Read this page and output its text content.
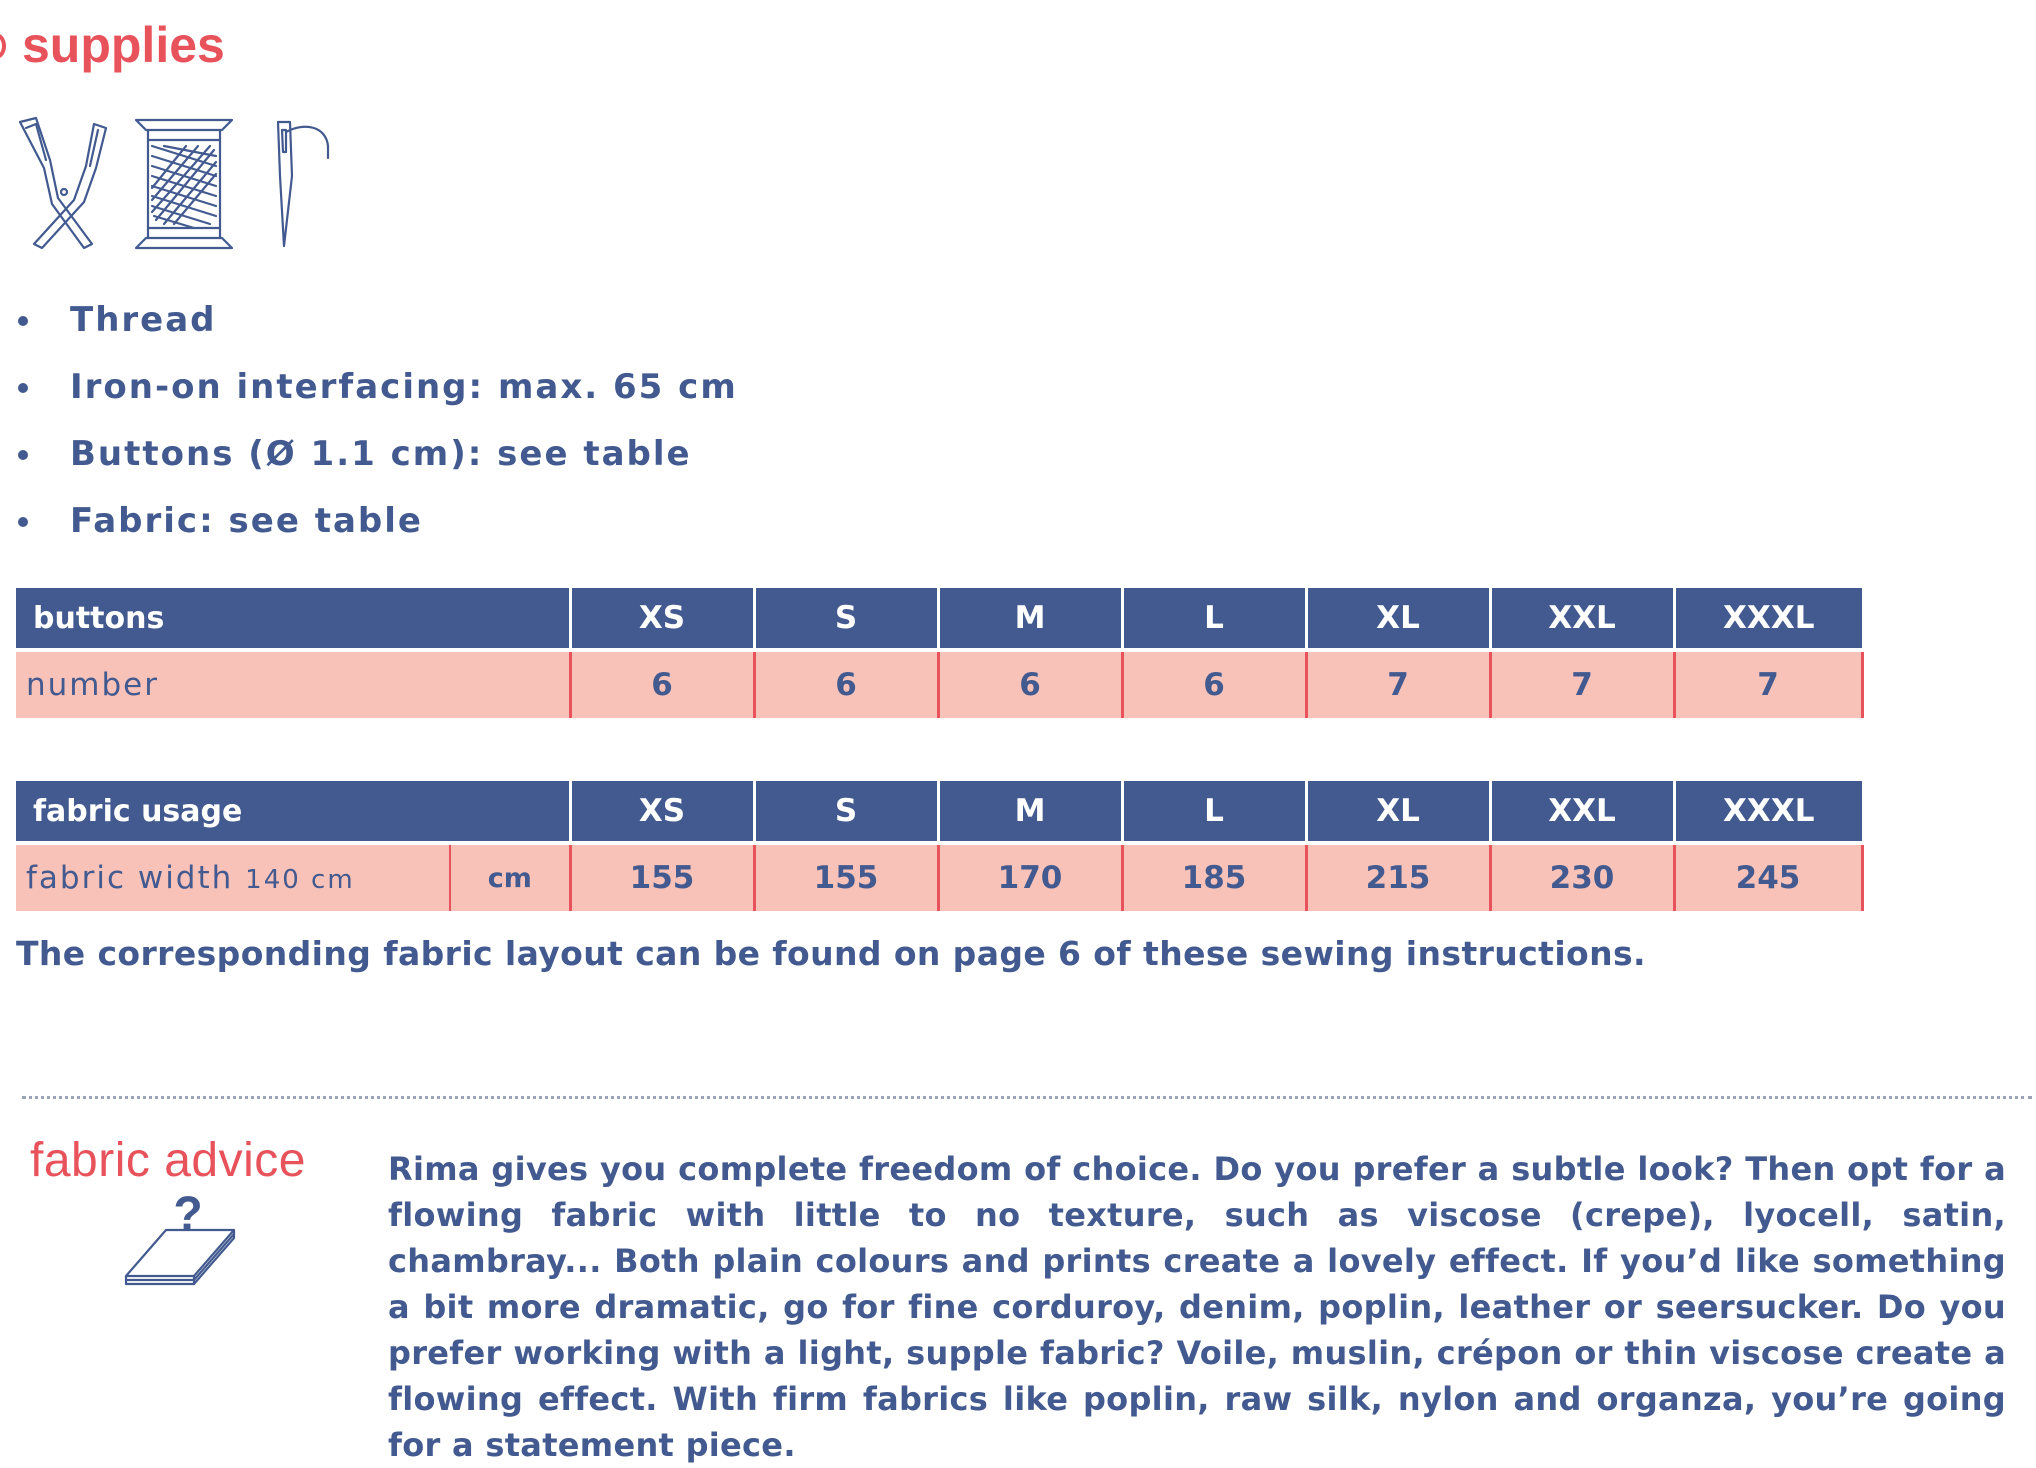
supplies
Thread
Iron-on interfacing: max. 65 cm
Buttons (Ø 1.1 cm): see table
Fabric: see table
buttons	XS	S	M	L	XL	XXL	XXXL

number	6	6	6	6	7	7	7
fabric usage		XS	S	M	L	XL	XXL	XXXL

fabric width 140 cm	cm	155	155	170	185	215	230	245

The corresponding fabric layout can be found on page 6 of these sewing instructions.

fabric advice
?

Rima gives you complete freedom of choice. Do you prefer a subtle look? Then opt for a flowing fabric with little to no texture, such as viscose (crepe), lyocell, satin, chambray... Both plain colours and prints create a lovely effect. If you’d like something a bit more dramatic, go for fine corduroy, denim, poplin, leather or seersucker. Do you prefer working with a light, supple fabric? Voile, muslin, crépon or thin viscose create a flowing effect. With firm fabrics like poplin, raw silk, nylon and organza, you’re going for a statement piece.
